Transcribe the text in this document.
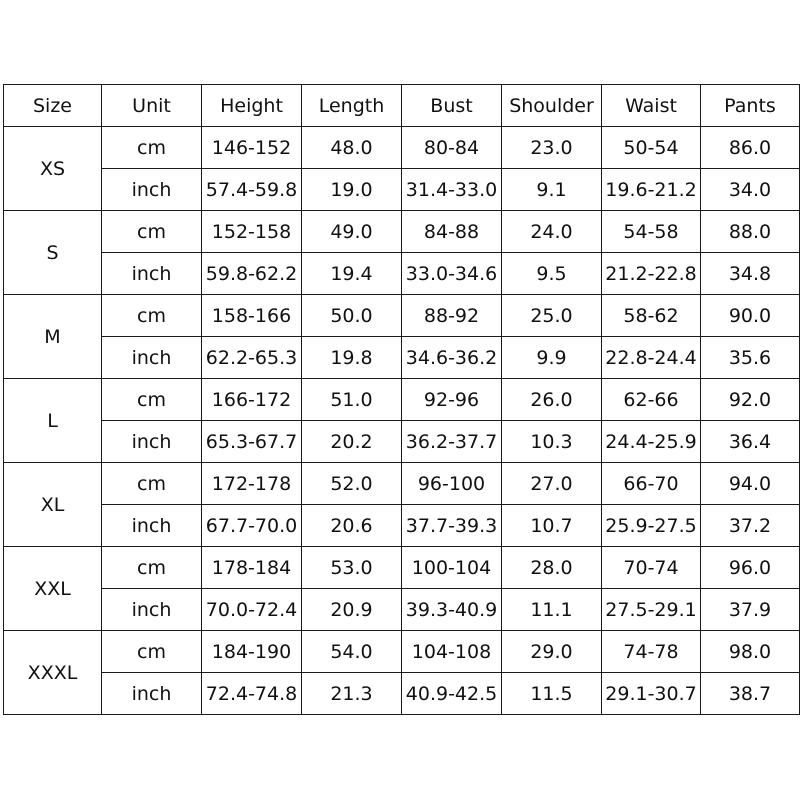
Size	Unit	Height	Length	Bust	Shoulder	Waist	Pants
XS	cm	146-152	48.0	80-84	23.0	50-54	86.0
	inch	57.4-59.8	19.0	31.4-33.0	9.1	19.6-21.2	34.0
S	cm	152-158	49.0	84-88	24.0	54-58	88.0
	inch	59.8-62.2	19.4	33.0-34.6	9.5	21.2-22.8	34.8
M	cm	158-166	50.0	88-92	25.0	58-62	90.0
	inch	62.2-65.3	19.8	34.6-36.2	9.9	22.8-24.4	35.6
L	cm	166-172	51.0	92-96	26.0	62-66	92.0
	inch	65.3-67.7	20.2	36.2-37.7	10.3	24.4-25.9	36.4
XL	cm	172-178	52.0	96-100	27.0	66-70	94.0
	inch	67.7-70.0	20.6	37.7-39.3	10.7	25.9-27.5	37.2
XXL	cm	178-184	53.0	100-104	28.0	70-74	96.0
	inch	70.0-72.4	20.9	39.3-40.9	11.1	27.5-29.1	37.9
XXXL	cm	184-190	54.0	104-108	29.0	74-78	98.0
	inch	72.4-74.8	21.3	40.9-42.5	11.5	29.1-30.7	38.7
